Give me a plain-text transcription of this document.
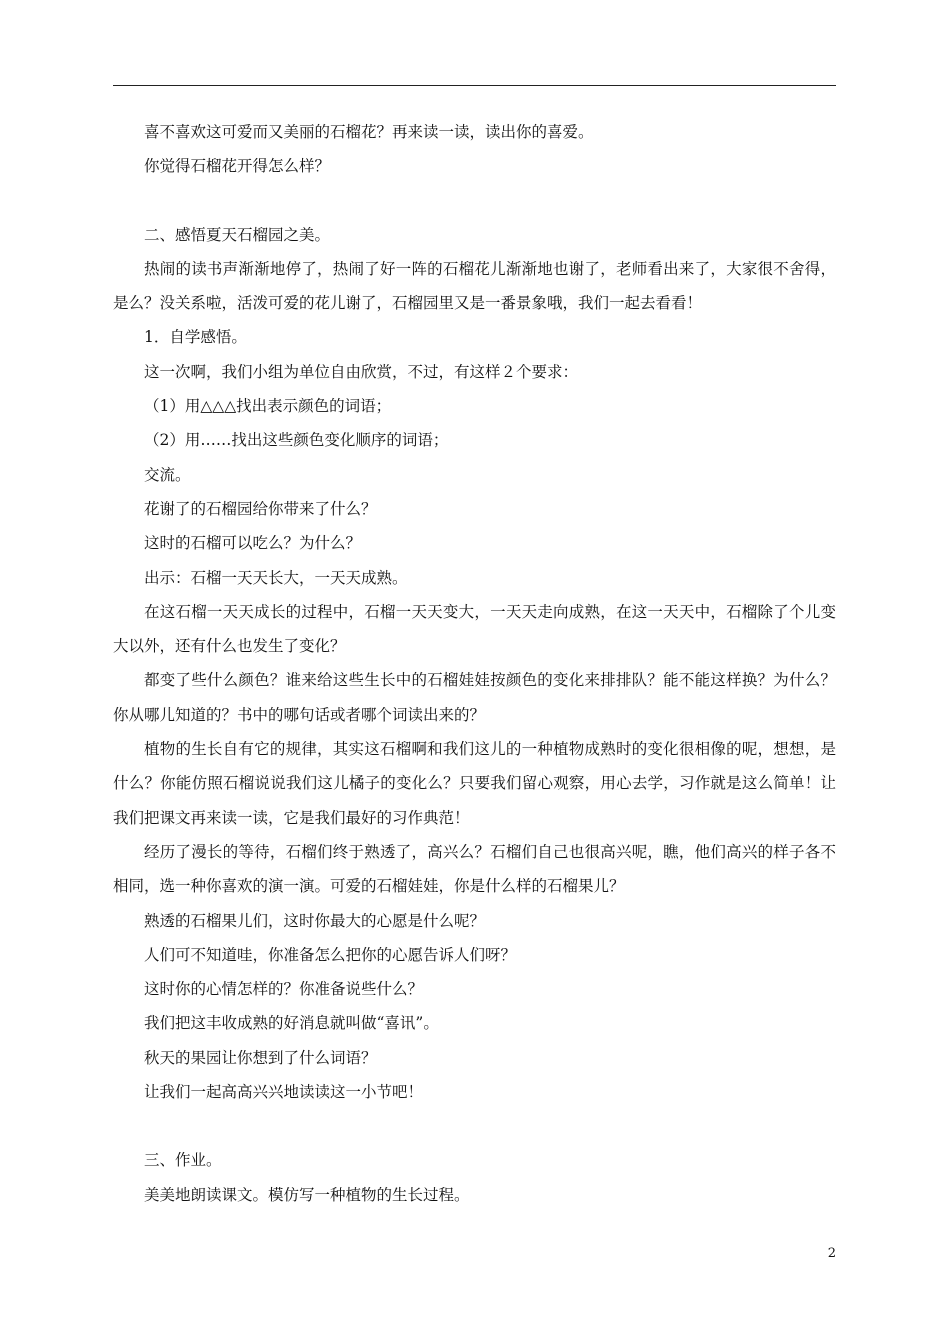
喜不喜欢这可爱而又美丽的石榴花？再来读一读，读出你的喜爱。

你觉得石榴花开得怎么样？

二、感悟夏天石榴园之美。

热闹的读书声渐渐地停了，热闹了好一阵的石榴花儿渐渐地也谢了，老师看出来了，大家很不舍得，是么？没关系啦，活泼可爱的花儿谢了，石榴园里又是一番景象哦，我们一起去看看！

1．自学感悟。

这一次啊，我们小组为单位自由欣赏，不过，有这样２个要求：

（1）用△△△找出表示颜色的词语；

（2）用……找出这些颜色变化顺序的词语；

交流。

花谢了的石榴园给你带来了什么？

这时的石榴可以吃么？为什么？

出示：石榴一天天长大，一天天成熟。

在这石榴一天天成长的过程中，石榴一天天变大，一天天走向成熟，在这一天天中，石榴除了个儿变大以外，还有什么也发生了变化？

都变了些什么颜色？谁来给这些生长中的石榴娃娃按颜色的变化来排排队？能不能这样换？为什么？你从哪儿知道的？书中的哪句话或者哪个词读出来的？

植物的生长自有它的规律，其实这石榴啊和我们这儿的一种植物成熟时的变化很相像的呢，想想，是什么？你能仿照石榴说说我们这儿橘子的变化么？只要我们留心观察，用心去学，习作就是这么简单！让我们把课文再来读一读，它是我们最好的习作典范！

经历了漫长的等待，石榴们终于熟透了，高兴么？石榴们自己也很高兴呢，瞧，他们高兴的样子各不相同，选一种你喜欢的演一演。可爱的石榴娃娃，你是什么样的石榴果儿？

熟透的石榴果儿们，这时你最大的心愿是什么呢？

人们可不知道哇，你准备怎么把你的心愿告诉人们呀？

这时你的心情怎样的？你准备说些什么？

我们把这丰收成熟的好消息就叫做“喜讯”。

秋天的果园让你想到了什么词语？

让我们一起高高兴兴地读读这一小节吧！

三、作业。

美美地朗读课文。模仿写一种植物的生长过程。

2
